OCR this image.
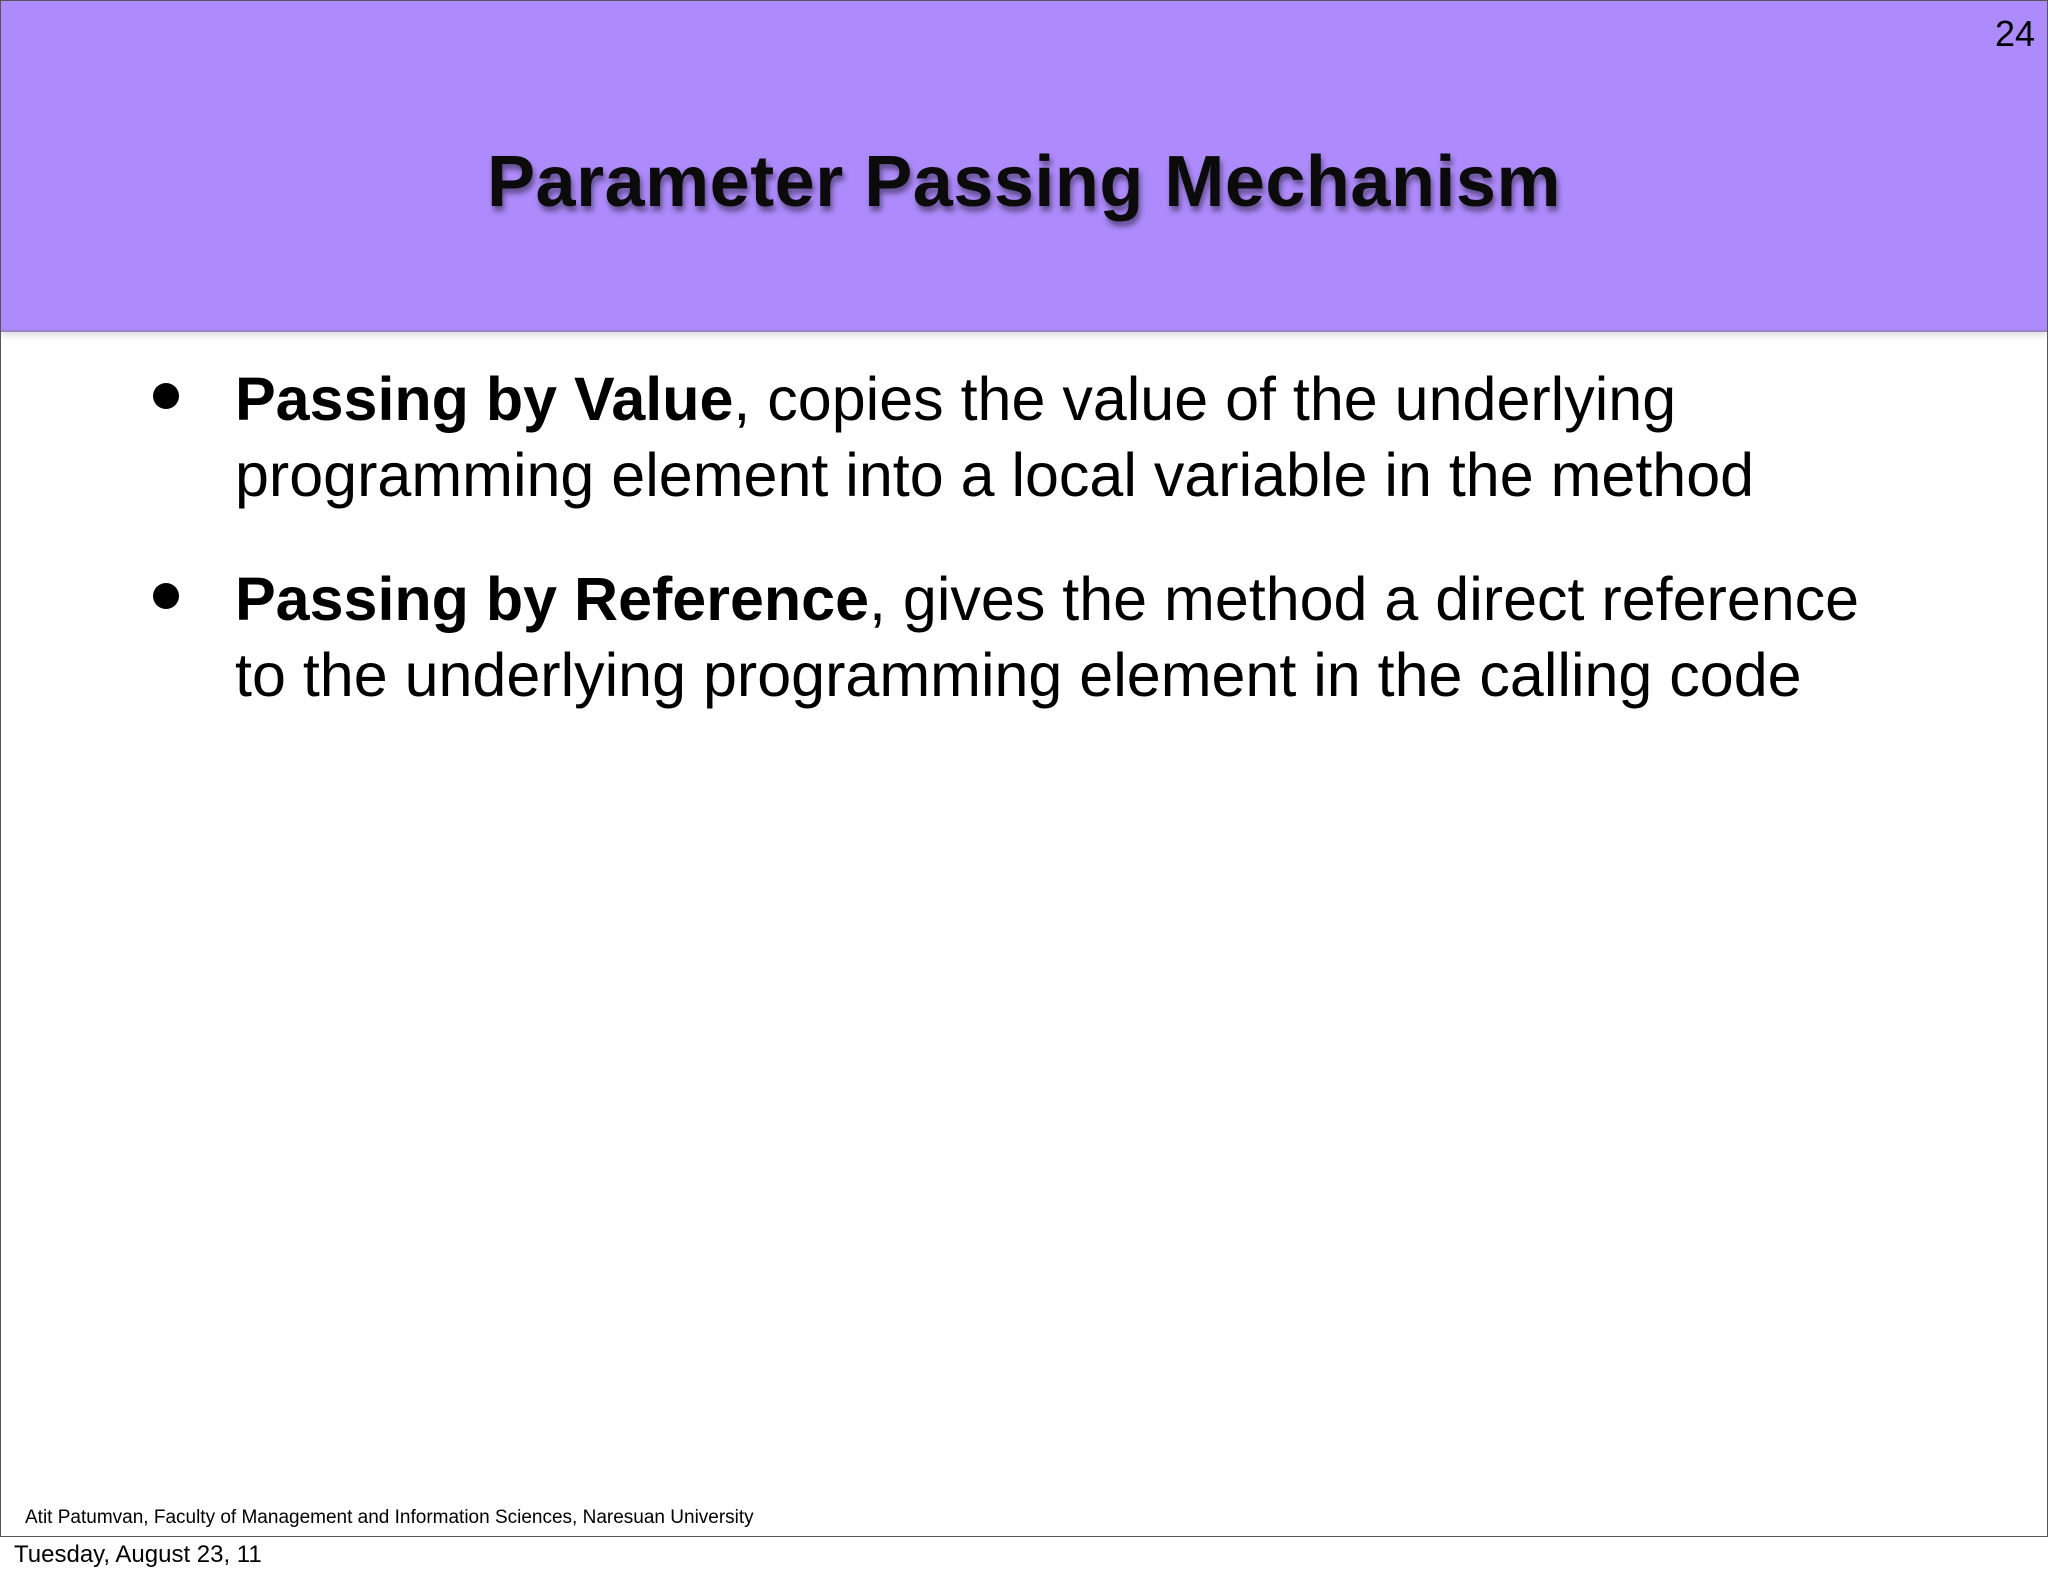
24
Parameter Passing Mechanism
Passing by Value, copies the value of the underlying programming element into a local variable in the method
Passing by Reference, gives the method a direct reference to the underlying programming element in the calling code
Atit Patumvan, Faculty of Management and Information Sciences, Naresuan University
Tuesday, August 23, 11
